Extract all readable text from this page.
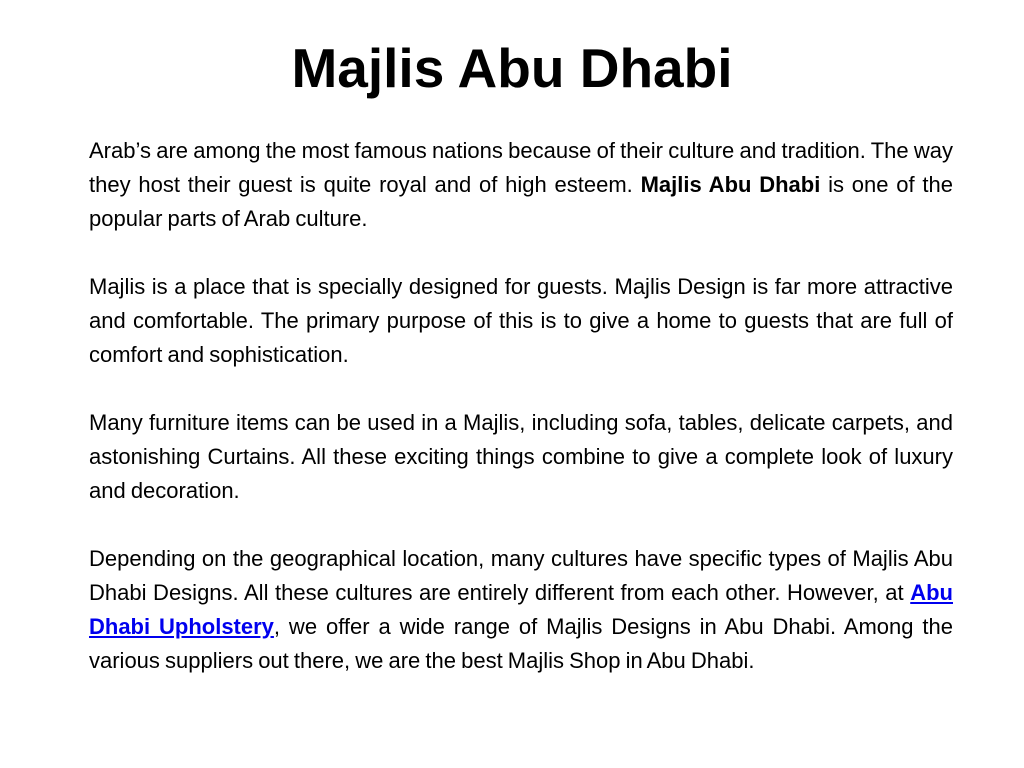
Majlis Abu Dhabi

Arab’s are among the most famous nations because of their culture and tradition. The way they host their guest is quite royal and of high esteem. Majlis Abu Dhabi is one of the popular parts of Arab culture.

Majlis is a place that is specially designed for guests. Majlis Design is far more attractive and comfortable. The primary purpose of this is to give a home to guests that are full of comfort and sophistication.

Many furniture items can be used in a Majlis, including sofa, tables, delicate carpets, and astonishing Curtains. All these exciting things combine to give a complete look of luxury and decoration.

Depending on the geographical location, many cultures have specific types of Majlis Abu Dhabi Designs. All these cultures are entirely different from each other. However, at Abu Dhabi Upholstery, we offer a wide range of Majlis Designs in Abu Dhabi. Among the various suppliers out there, we are the best Majlis Shop in Abu Dhabi.
